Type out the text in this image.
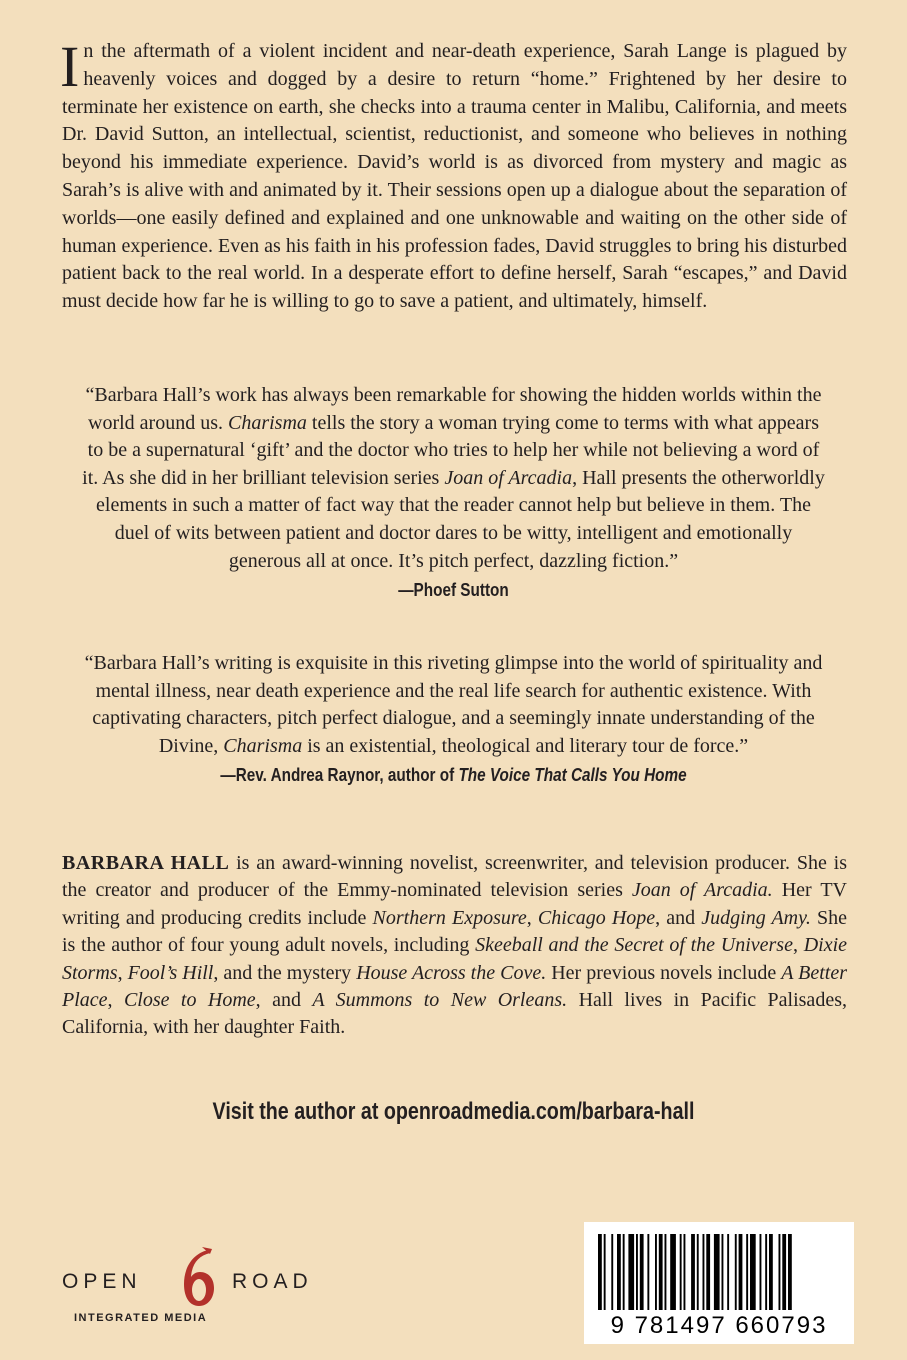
I n the aftermath of a violent incident and near-death experience, Sarah Lange is plagued by heavenly voices and dogged by a desire to return “home.” Frightened by her desire to terminate her existence on earth, she checks into a trauma center in Malibu, California, and meets Dr. David Sutton, an intellectual, scientist, reductionist, and someone who believes in nothing beyond his immediate experience. David’s world is as divorced from mystery and magic as Sarah’s is alive with and animated by it. Their sessions open up a dialogue about the separation of worlds—one easily defined and explained and one unknowable and waiting on the other side of human experience. Even as his faith in his profession fades, David struggles to bring his disturbed patient back to the real world. In a desperate effort to define herself, Sarah “escapes,” and David must decide how far he is willing to go to save a patient, and ultimately, himself.
“Barbara Hall’s work has always been remarkable for showing the hidden worlds within the world around us. Charisma tells the story a woman trying come to terms with what appears to be a supernatural ‘gift’ and the doctor who tries to help her while not believing a word of it. As she did in her brilliant television series Joan of Arcadia, Hall presents the otherworldly elements in such a matter of fact way that the reader cannot help but believe in them. The duel of wits between patient and doctor dares to be witty, intelligent and emotionally generous all at once. It’s pitch perfect, dazzling fiction.”
—Phoef Sutton
“Barbara Hall’s writing is exquisite in this riveting glimpse into the world of spirituality and mental illness, near death experience and the real life search for authentic existence. With captivating characters, pitch perfect dialogue, and a seemingly innate understanding of the Divine, Charisma is an existential, theological and literary tour de force.”
—Rev. Andrea Raynor, author of The Voice That Calls You Home
BARBARA HALL is an award-winning novelist, screenwriter, and television producer. She is the creator and producer of the Emmy-nominated television series Joan of Arcadia. Her TV writing and producing credits include Northern Exposure, Chicago Hope, and Judging Amy. She is the author of four young adult novels, including Skeeball and the Secret of the Universe, Dixie Storms, Fool’s Hill, and the mystery House Across the Cove. Her previous novels include A Better Place, Close to Home, and A Summons to New Orleans. Hall lives in Pacific Palisades, California, with her daughter Faith.
Visit the author at openroadmedia.com/barbara-hall
OPEN	ROAD
INTEGRATED MEDIA	9 781497 660793
